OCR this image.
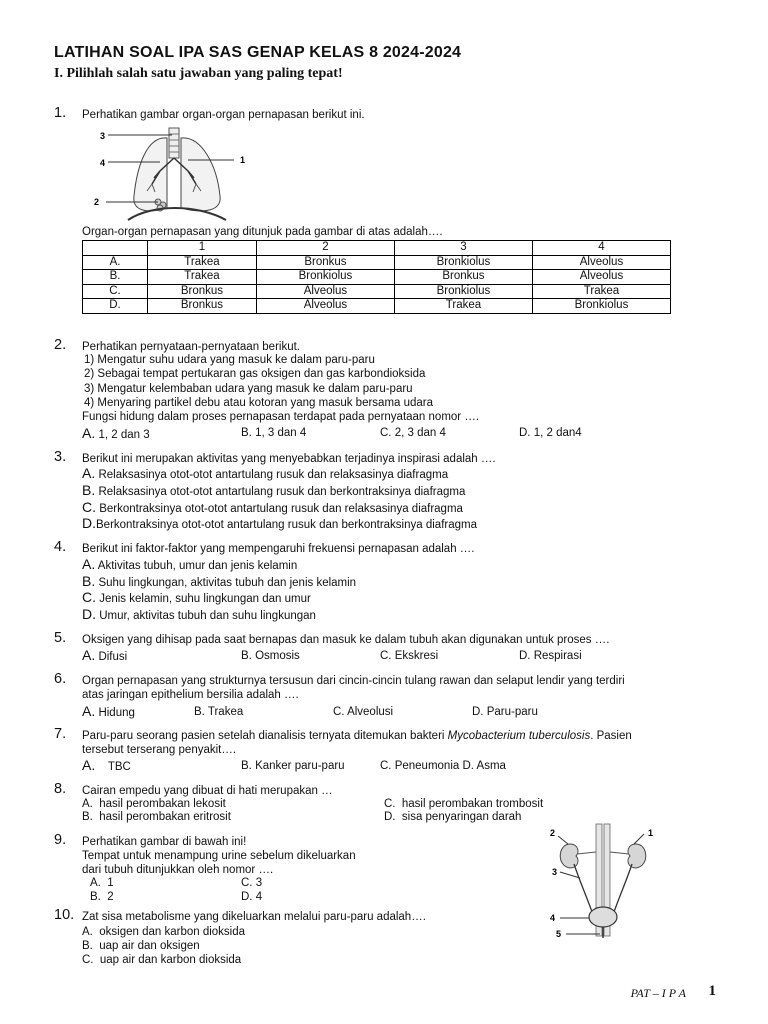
LATIHAN SOAL IPA SAS GENAP KELAS 8 2024-2024
I. Pilihlah salah satu jawaban yang paling tepat!
1. Perhatikan gambar organ-organ pernapasan berikut ini.
3
4	1
2
Organ-organ pernapasan yang ditunjuk pada gambar di atas adalah….
	1	2	3	4
A.	Trakea	Bronkus	Bronkiolus	Alveolus
B.	Trakea	Bronkiolus	Bronkus	Alveolus
C.	Bronkus	Alveolus	Bronkiolus	Trakea
D.	Bronkus	Alveolus	Trakea	Bronkiolus
2. Perhatikan pernyataan-pernyataan berikut.
1) Mengatur suhu udara yang masuk ke dalam paru-paru
2) Sebagai tempat pertukaran gas oksigen dan gas karbondioksida
3) Mengatur kelembaban udara yang masuk ke dalam paru-paru
4) Menyaring partikel debu atau kotoran yang masuk bersama udara
Fungsi hidung dalam proses pernapasan terdapat pada pernyataan nomor ….
A. 1, 2 dan 3	B. 1, 3 dan 4	C. 2, 3 dan 4	D. 1, 2 dan4
3. Berikut ini merupakan aktivitas yang menyebabkan terjadinya inspirasi adalah ….
A. Relaksasinya otot-otot antartulang rusuk dan relaksasinya diafragma
B. Relaksasinya otot-otot antartulang rusuk dan berkontraksinya diafragma
C. Berkontraksinya otot-otot antartulang rusuk dan relaksasinya diafragma
D.Berkontraksinya otot-otot antartulang rusuk dan berkontraksinya diafragma
4. Berikut ini faktor-faktor yang mempengaruhi frekuensi pernapasan adalah ….
A. Aktivitas tubuh, umur dan jenis kelamin
B. Suhu lingkungan, aktivitas tubuh dan jenis kelamin
C. Jenis kelamin, suhu lingkungan dan umur
D. Umur, aktivitas tubuh dan suhu lingkungan
5. Oksigen yang dihisap pada saat bernapas dan masuk ke dalam tubuh akan digunakan untuk proses ….
A. Difusi	B. Osmosis	C. Ekskresi	D. Respirasi
6. Organ pernapasan yang strukturnya tersusun dari cincin-cincin tulang rawan dan selaput lendir yang terdiri
atas jaringan epithelium bersilia adalah ….
A. Hidung	B. Trakea	C. Alveolusi	D. Paru-paru
7. Paru-paru seorang pasien setelah dianalisis ternyata ditemukan bakteri Mycobacterium tuberculosis. Pasien
tersebut terserang penyakit….
A. TBC	B. Kanker paru-paru	C. Peneumonia D. Asma
8. Cairan empedu yang dibuat di hati merupakan …
A. hasil perombakan lekosit	C. hasil perombakan trombosit
B. hasil perombakan eritrosit	D. sisa penyaringan darah
9. Perhatikan gambar di bawah ini!
Tempat untuk menampung urine sebelum dikeluarkan
dari tubuh ditunjukkan oleh nomor ….
A. 1	C. 3
B. 2	D. 4
2	1
3
4
5
10. Zat sisa metabolisme yang dikeluarkan melalui paru-paru adalah….
A. oksigen dan karbon dioksida
B. uap air dan oksigen
C. uap air dan karbon dioksida
PAT – I P A 1
